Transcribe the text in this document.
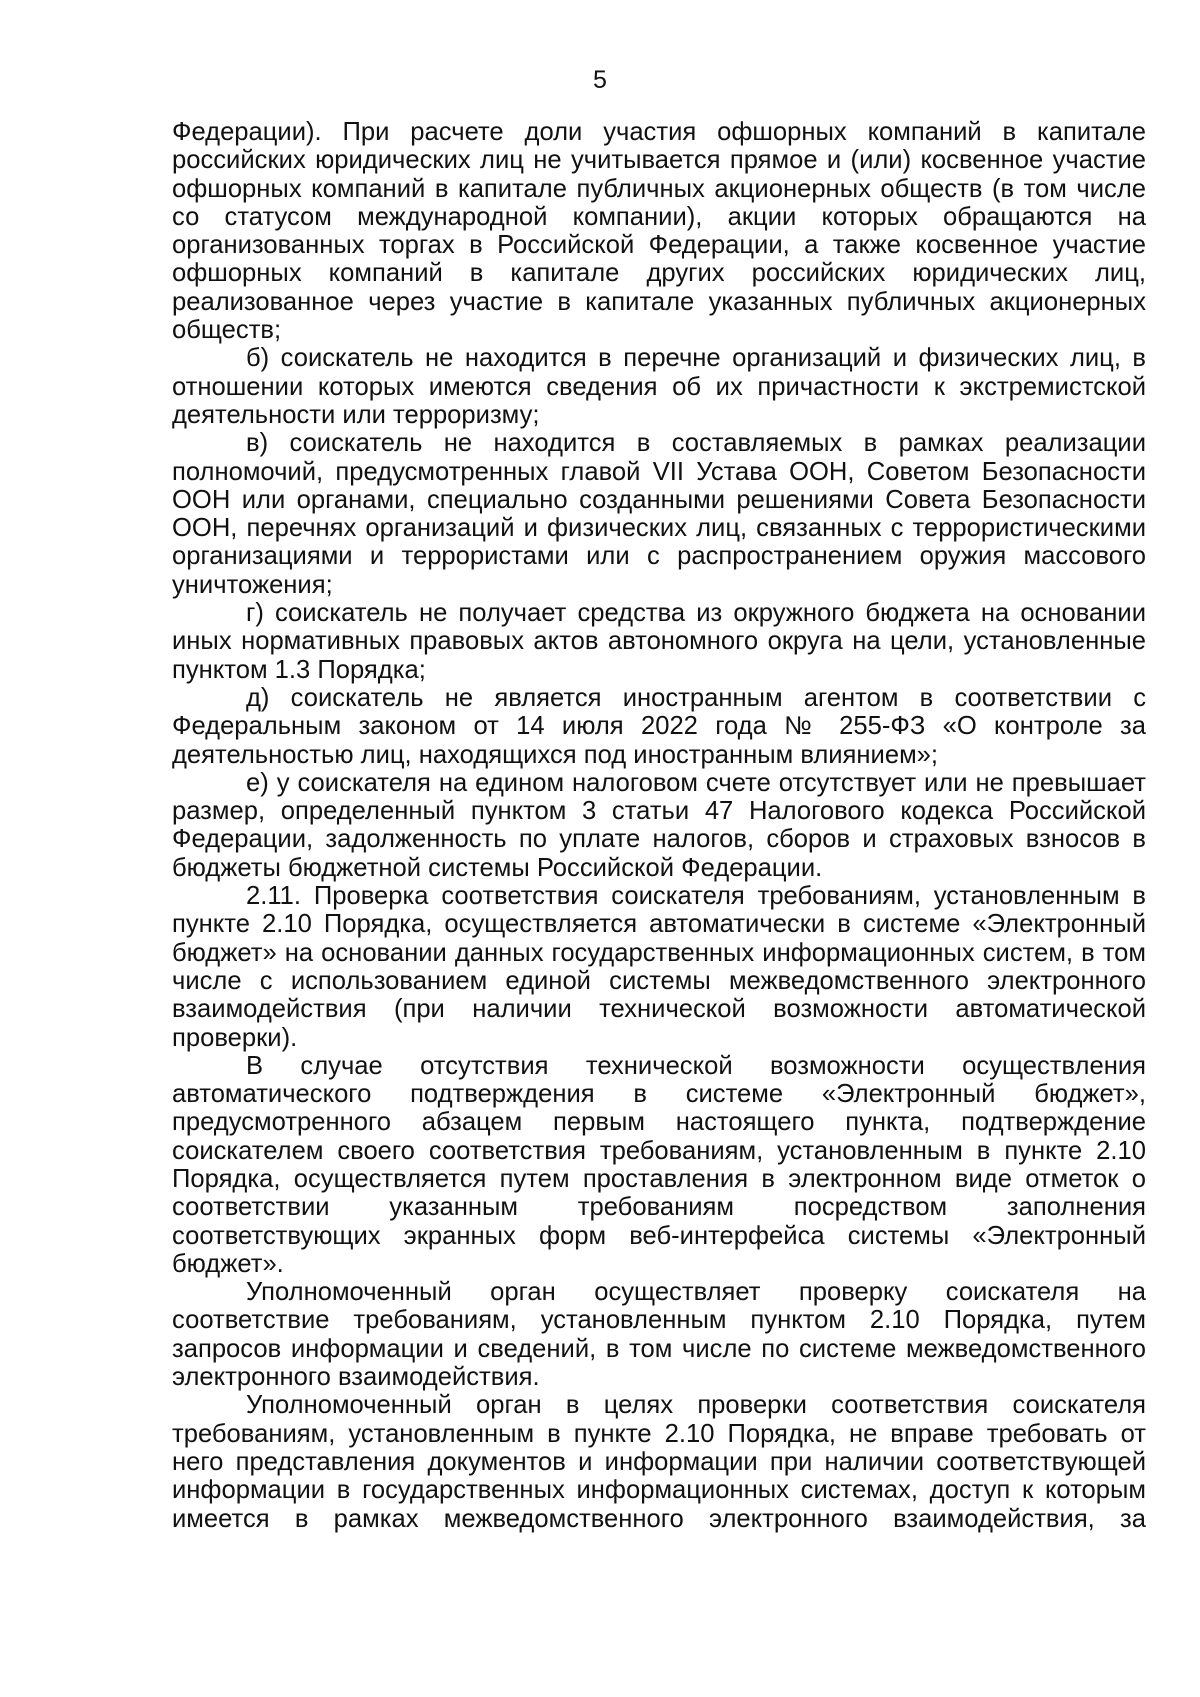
5

Федерации). При расчете доли участия офшорных компаний в капитале российских юридических лиц не учитывается прямое и (или) косвенное участие офшорных компаний в капитале публичных акционерных обществ (в том числе со статусом международной компании), акции которых обращаются на организованных торгах в Российской Федерации, а также косвенное участие офшорных компаний в капитале других российских юридических лиц, реализованное через участие в капитале указанных публичных акционерных обществ;

б) соискатель не находится в перечне организаций и физических лиц, в отношении которых имеются сведения об их причастности к экстремистской деятельности или терроризму;

в) соискатель не находится в составляемых в рамках реализации полномочий, предусмотренных главой VII Устава ООН, Советом Безопасности ООН или органами, специально созданными решениями Совета Безопасности ООН, перечнях организаций и физических лиц, связанных с террористическими организациями и террористами или с распространением оружия массового уничтожения;

г) соискатель не получает средства из окружного бюджета на основании иных нормативных правовых актов автономного округа на цели, установленные пунктом 1.3 Порядка;

д) соискатель не является иностранным агентом в соответствии с Федеральным законом от 14 июля 2022 года № 255-ФЗ «О контроле за деятельностью лиц, находящихся под иностранным влиянием»;

е) у соискателя на едином налоговом счете отсутствует или не превышает размер, определенный пунктом 3 статьи 47 Налогового кодекса Российской Федерации, задолженность по уплате налогов, сборов и страховых взносов в бюджеты бюджетной системы Российской Федерации.

2.11. Проверка соответствия соискателя требованиям, установленным в пункте 2.10 Порядка, осуществляется автоматически в системе «Электронный бюджет» на основании данных государственных информационных систем, в том числе с использованием единой системы межведомственного электронного взаимодействия (при наличии технической возможности автоматической проверки).

В случае отсутствия технической возможности осуществления автоматического подтверждения в системе «Электронный бюджет», предусмотренного абзацем первым настоящего пункта, подтверждение соискателем своего соответствия требованиям, установленным в пункте 2.10 Порядка, осуществляется путем проставления в электронном виде отметок о соответствии указанным требованиям посредством заполнения соответствующих экранных форм веб-интерфейса системы «Электронный бюджет».

Уполномоченный орган осуществляет проверку соискателя на соответствие требованиям, установленным пунктом 2.10 Порядка, путем запросов информации и сведений, в том числе по системе межведомственного электронного взаимодействия.

Уполномоченный орган в целях проверки соответствия соискателя требованиям, установленным в пункте 2.10 Порядка, не вправе требовать от него представления документов и информации при наличии соответствующей информации в государственных информационных системах, доступ к которым имеется в рамках межведомственного электронного взаимодействия, за
